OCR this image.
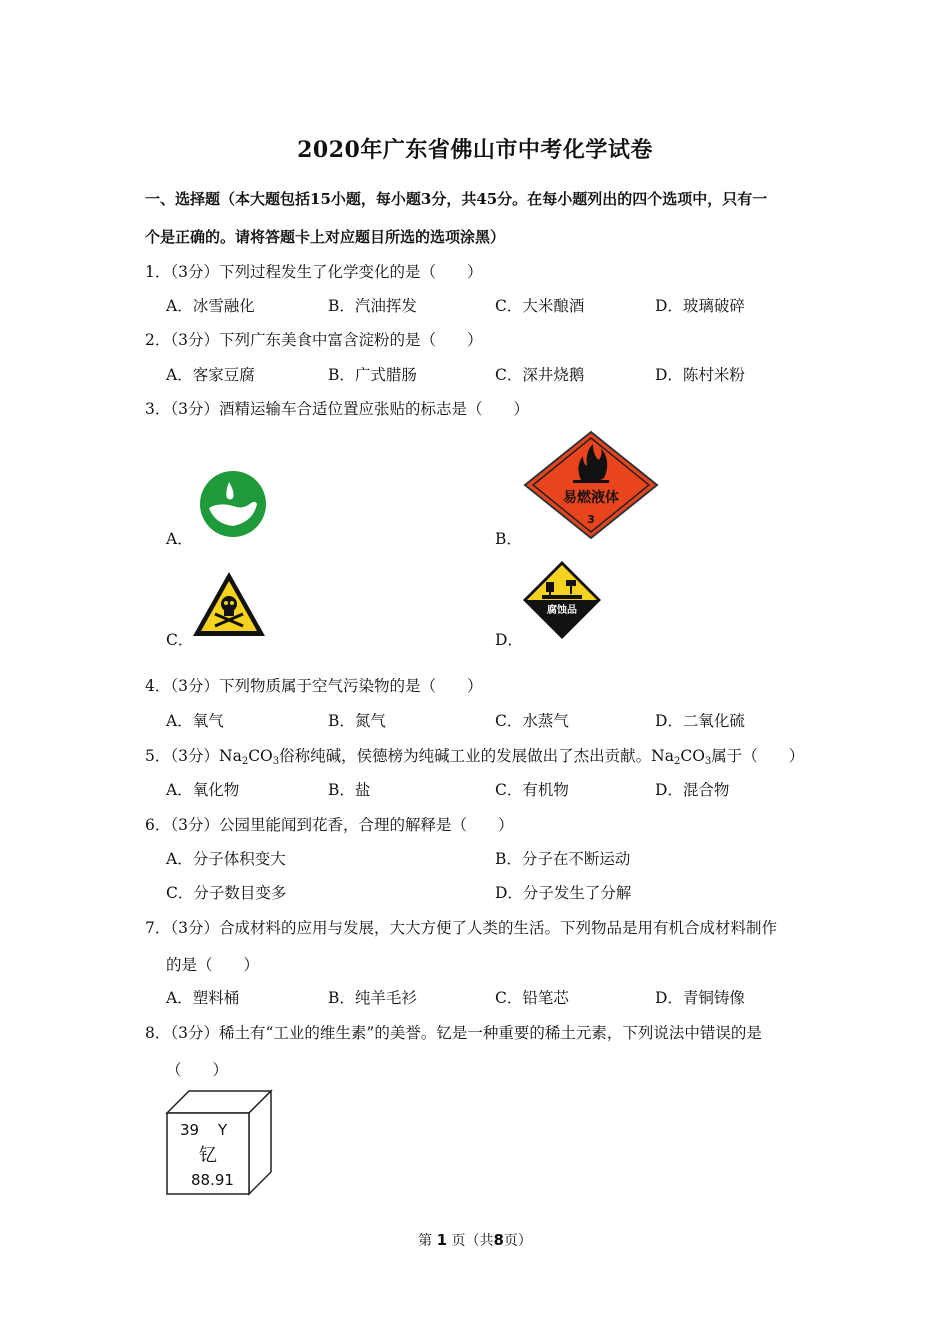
2020年广东省佛山市中考化学试卷
一、选择题（本大题包括15小题，每小题3分，共45分。在每小题列出的四个选项中，只有一
个是正确的。请将答题卡上对应题目所选的选项涂黑）
1．（3分）下列过程发生了化学变化的是（　　）
A．冰雪融化	B．汽油挥发	C．大米酿酒	D．玻璃破碎
2．（3分）下列广东美食中富含淀粉的是（　　）
A．客家豆腐	B．广式腊肠	C．深井烧鹅	D．陈村米粉
3．（3分）酒精运输车合适位置应张贴的标志是（　　）
A．	B．
易燃液体
3
C．	D．
腐蚀品
4．（3分）下列物质属于空气污染物的是（　　）
A．氧气	B．氮气	C．水蒸气	D．二氧化硫
5．（3分）$Na_2CO_3$俗称纯碱，侯德榜为纯碱工业的发展做出了杰出贡献。$Na_2CO_3$属于（　　）
A．氧化物	B．盐	C．有机物	D．混合物
6．（3分）公园里能闻到花香，合理的解释是（　　）
A．分子体积变大	B．分子在不断运动
C．分子数目变多	D．分子发生了分解
7．（3分）合成材料的应用与发展，大大方便了人类的生活。下列物品是用有机合成材料制作
的是（　　）
A．塑料桶	B．纯羊毛衫	C．铅笔芯	D．青铜铸像
8．（3分）稀土有“工业的维生素”的美誉。钇是一种重要的稀土元素，下列说法中错误的是
（　　）
39 Y
钇
88.91
第 1 页（共8页）
